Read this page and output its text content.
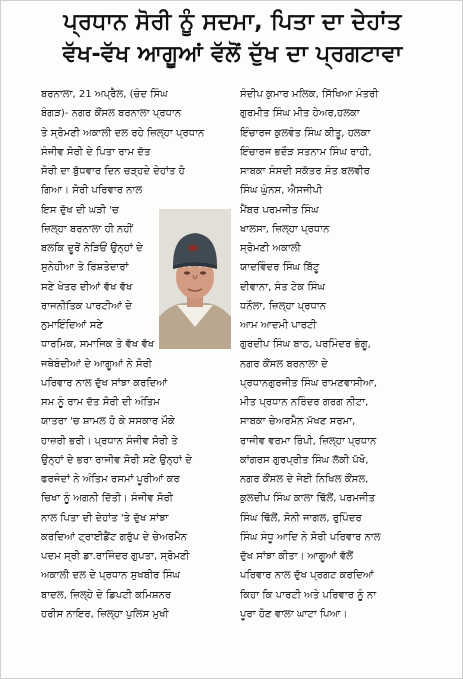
ਪ੍ਰਧਾਨ ਸੋਰੀ ਨੂੰ ਸਦਮਾ, ਪਿਤਾ ਦਾ ਦੇਹਾਂਤ
ਵੱਖ-ਵੱਖ ਆਗੂਆਂ ਵੱਲੋਂ ਦੁੱਖ ਦਾ ਪ੍ਰਗਟਾਵਾ
ਬਰਨਾਲਾ, 21 ਅਪ੍ਰੈਲ, (ਚੰਦ ਸਿੰਘ
ਬੰਗੜ)- ਨਗਰ ਕੌਂਸਲ ਬਰਨਾਲਾ ਪ੍ਰਧਾਨ
ਤੇ ਸ੍ਰੋਮਣੀ ਅਕਾਲੀ ਦਲ ਰਹੇ ਜ਼ਿਲ੍ਹਾ ਪ੍ਰਧਾਨ
ਸੰਜੀਵ ਸੋਰੀ ਦੇ ਪਿਤਾ ਰਾਮ ਦੱਤ
ਸੋਰੀ ਦਾ ਬੁੱਧਵਾਰ ਦਿਨ ਚੜ੍ਹਦੇ ਦੇਹਾਂਤ ਹੋ
ਗਿਆ। ਸੋਰੀ ਪਰਿਵਾਰ ਨਾਲ
ਇਸ ਦੁੱਖ ਦੀ ਘੜੀ 'ਚ
ਜ਼ਿਲ੍ਹਾ ਬਰਨਾਲਾ ਹੀ ਨਹੀਂ
ਬਲਕਿ ਦੂਰੋਂ ਨੇੜਿਓਂ ਉਨ੍ਹਾਂ ਦੇ
ਸੁਨੇਹੀਆ ਤੇ ਰਿਸ਼ਤੇਦਾਰਾਂ
ਸਣੇ ਖੇਤਰ ਦੀਆਂ ਵੱਖ ਵੱਖ
ਰਾਜਨੀਤਿਕ ਪਾਰਟੀਆਂ ਦੇ
ਨੁਮਾਇੰਦਿਆਂ ਸਣੇ
ਧਾਰਮਿਕ, ਸਮਾਜਿਕ ਤੇ ਵੱਖ ਵੱਖ
ਜਥੇਬੰਦੀਆਂ ਦੇ ਆਗੂਆਂ ਨੇ ਸੋਰੀ
ਪਰਿਵਾਰ ਨਾਲ ਦੁੱਖ ਸਾਂਝਾ ਕਰਦਿਆਂ
ਸਮ ਨੂੰ ਰਾਮ ਦੱਤ ਸੋਰੀ ਦੀ ਅੰਤਿਮ
ਯਾਤਰਾ 'ਚ ਸ਼ਾਮਲ ਹੋ ਕੇ ਸਸਕਾਰ ਮੌਕੇ
ਹਾਜ਼ਰੀ ਭਰੀ। ਪ੍ਰਧਾਨ ਸੰਜੀਵ ਸੋਰੀ ਤੇ
ਉਨ੍ਹਾਂ ਦੇ ਭਰਾ ਰਾਜੀਵ ਸੋਰੀ ਸਣੇ ਉਨ੍ਹਾਂ ਦੇ
ਫਰਜੰਦਾਂ ਨੇ ਅੰਤਿਮ ਰਸਮਾਂ ਪੂਰੀਆਂ ਕਰ
ਚਿਖਾ ਨੂੰ ਅਗਨੀ ਦਿੱਤੀ। ਸੰਜੀਵ ਸੋਰੀ
ਨਾਲ ਪਿਤਾ ਦੀ ਦੇਹਾਂਤ 'ਤੇ ਦੁੱਖ ਸਾਂਝਾ
ਕਰਦਿਆਂ ਟ੍ਰਾਈਡੈਂਟ ਗਰੁੱਪ ਦੇ ਚੇਅਰਮੈਨ
ਪਦਮ ਸ੍ਰੀ ਡਾ.ਰਾਜਿੰਦਰ ਗੁਪਤਾ, ਸ੍ਰੋਮਣੀ
ਅਕਾਲੀ ਦਲ ਦੇ ਪ੍ਰਧਾਨ ਸੁਖਬੀਰ ਸਿੰਘ
ਬਾਦਲ, ਜ਼ਿਲ੍ਹੇ ਦੇ ਡਿਪਟੀ ਕਮਿਸ਼ਨਰ
ਹਰੀਸ ਨਾਇਰ, ਜ਼ਿਲ੍ਹਾ ਪੁਲਿਸ ਮੁਖੀ
ਸੰਦੀਪ ਕੁਮਾਰ ਮਲਿਕ, ਸਿੱਖਿਆ ਮੰਤਰੀ
ਗੁਰਮੀਤ ਸਿੰਘ ਮੀਤ ਹੇਅਰ,ਹਲਕਾ
ਇੰਚਾਰਜ ਕੁਲਵੰਤ ਸਿੰਘ ਕੀਤੂ, ਹਲਕਾ
ਇੰਚਾਰਜ ਭਦੌੜ ਸਤਨਾਮ ਸਿੰਘ ਰਾਹੀ,
ਸਾਬਕਾ ਸੰਸਦੀ ਸਕੱਤਰ ਸੰਤ ਬਲਵੀਰ
ਸਿੰਘ ਘੁੰਨਸ, ਐਸਜੀਪੀ
ਮੈਂਬਰ ਪਰਮਜੀਤ ਸਿੰਘ
ਖਾਲਸਾ, ਜ਼ਿਲ੍ਹਾ ਪ੍ਰਧਾਨ
ਸ੍ਰੋਮਣੀ ਅਕਾਲੀ
ਯਾਦਵਿੰਦਰ ਸਿੰਘ ਬਿੱਟੂ
ਦੀਵਾਨਾ, ਸੰਤ ਟੇਕ ਸਿੰਘ
ਧਨੌਲਾ, ਜ਼ਿਲ੍ਹਾ ਪ੍ਰਧਾਨ
ਆਮ ਆਦਮੀ ਪਾਰਟੀ
ਗੁਰਦੀਪ ਸਿੰਘ ਬਾਠ, ਪਰਮਿੰਦਰ ਭੰਗੂ,
ਨਗਰ ਕੌਂਸਲ ਬਰਨਾਲਾ ਦੇ
ਪ੍ਰਧਾਨਗੁਰਜੀਤ ਸਿੰਘ ਰਾਮਣਵਾਸੀਆ,
ਮੀਤ ਪ੍ਰਧਾਨ ਨਰਿੰਦਰ ਗਰਗ ਨੀਟਾ,
ਸਾਬਕਾ ਚੇਅਰਮੈਨ ਮੱਖਣ ਸਰਮਾ,
ਰਾਜੀਵ ਵਰਮਾ ਰਿੰਪੀ, ਜ਼ਿਲ੍ਹਾ ਪ੍ਰਧਾਨ
ਕਾਂਗਰਸ ਗੁਰਪ੍ਰੀਤ ਸਿੰਘ ਲੱਕੀ ਪੱਖੋ,
ਨਗਰ ਕੌਂਸਲ ਦੇ ਜੇਈ ਨਿਖਿਲ ਕੌਂਸਲ,
ਕੁਲਦੀਪ ਸਿੰਘ ਕਾਲਾ ਢਿੱਲੋਂ, ਪਰਮਜੀਤ
ਸਿੰਘ ਢਿੱਲੋਂ, ਸੋਨੀ ਜਾਗਲ, ਰੁਪਿੰਦਰ
ਸਿੰਘ ਸੰਧੂ ਆਦਿ ਨੇ ਸੋਰੀ ਪਰਿਵਾਰ ਨਾਲ
ਦੁੱਖ ਸਾਂਝਾ ਕੀਤਾ। ਆਗੂਆਂ ਵੱਲੋਂ
ਪਰਿਵਾਰ ਨਾਲ ਦੁੱਖ ਪ੍ਰਗਟ ਕਰਦਿਆਂ
ਕਿਹਾ ਕਿ ਪਾਰਟੀ ਅਤੇ ਪਰਿਵਾਰ ਨੂੰ ਨਾ
ਪੂਰਾ ਹੋਣ ਵਾਲਾ ਘਾਟਾ ਪਿਆ।
